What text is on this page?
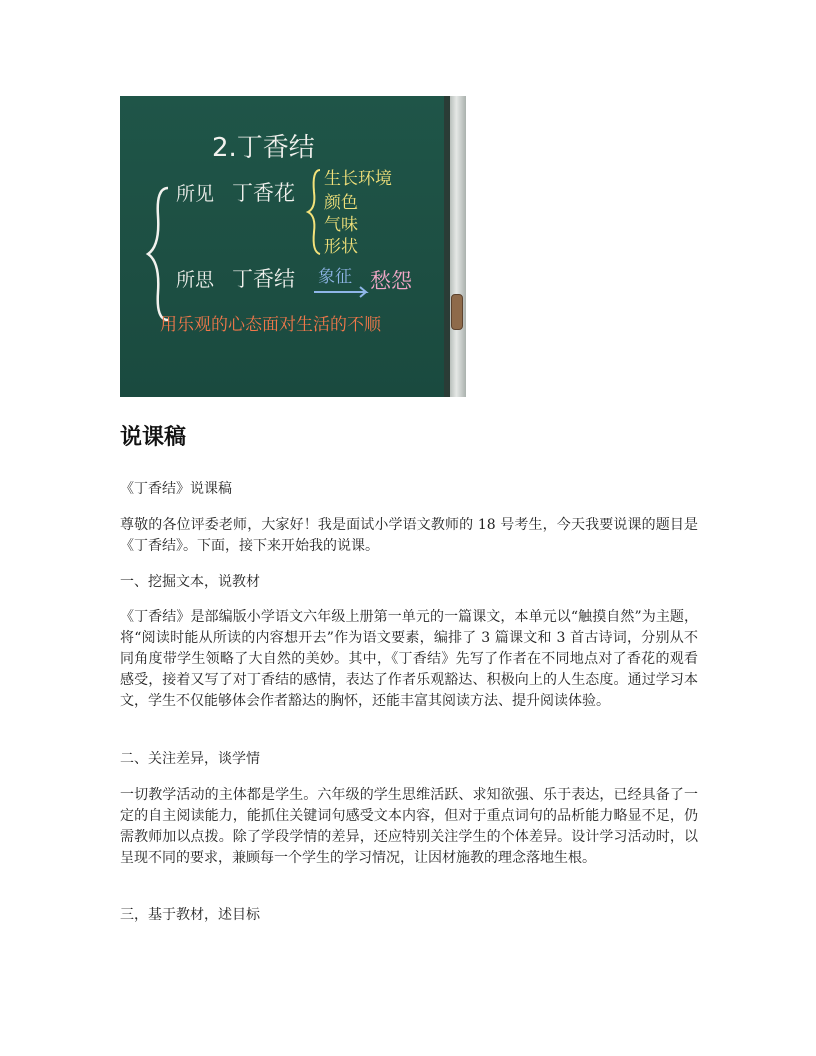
2.丁香结
所见 丁香花
生长环境
颜色
气味
形状
所思 丁香结 象征 愁怨
用乐观的心态面对生活的不顺
说课稿

《丁香结》说课稿

尊敬的各位评委老师，大家好！我是面试小学语文教师的 18 号考生，今天我要说课的题目是《丁香结》。下面，接下来开始我的说课。

一、挖掘文本，说教材

《丁香结》是部编版小学语文六年级上册第一单元的一篇课文，本单元以“触摸自然”为主题，将“阅读时能从所读的内容想开去”作为语文要素，编排了 3 篇课文和 3 首古诗词，分别从不同角度带学生领略了大自然的美妙。其中，《丁香结》先写了作者在不同地点对了香花的观看感受，接着又写了对丁香结的感情，表达了作者乐观豁达、积极向上的人生态度。通过学习本文，学生不仅能够体会作者豁达的胸怀，还能丰富其阅读方法、提升阅读体验。

二、关注差异，谈学情

一切教学活动的主体都是学生。六年级的学生思维活跃、求知欲强、乐于表达，已经具备了一定的自主阅读能力，能抓住关键词句感受文本内容，但对于重点词句的品析能力略显不足，仍需教师加以点拨。除了学段学情的差异，还应特别关注学生的个体差异。设计学习活动时，以呈现不同的要求，兼顾每一个学生的学习情况，让因材施教的理念落地生根。

三，基于教材，述目标
